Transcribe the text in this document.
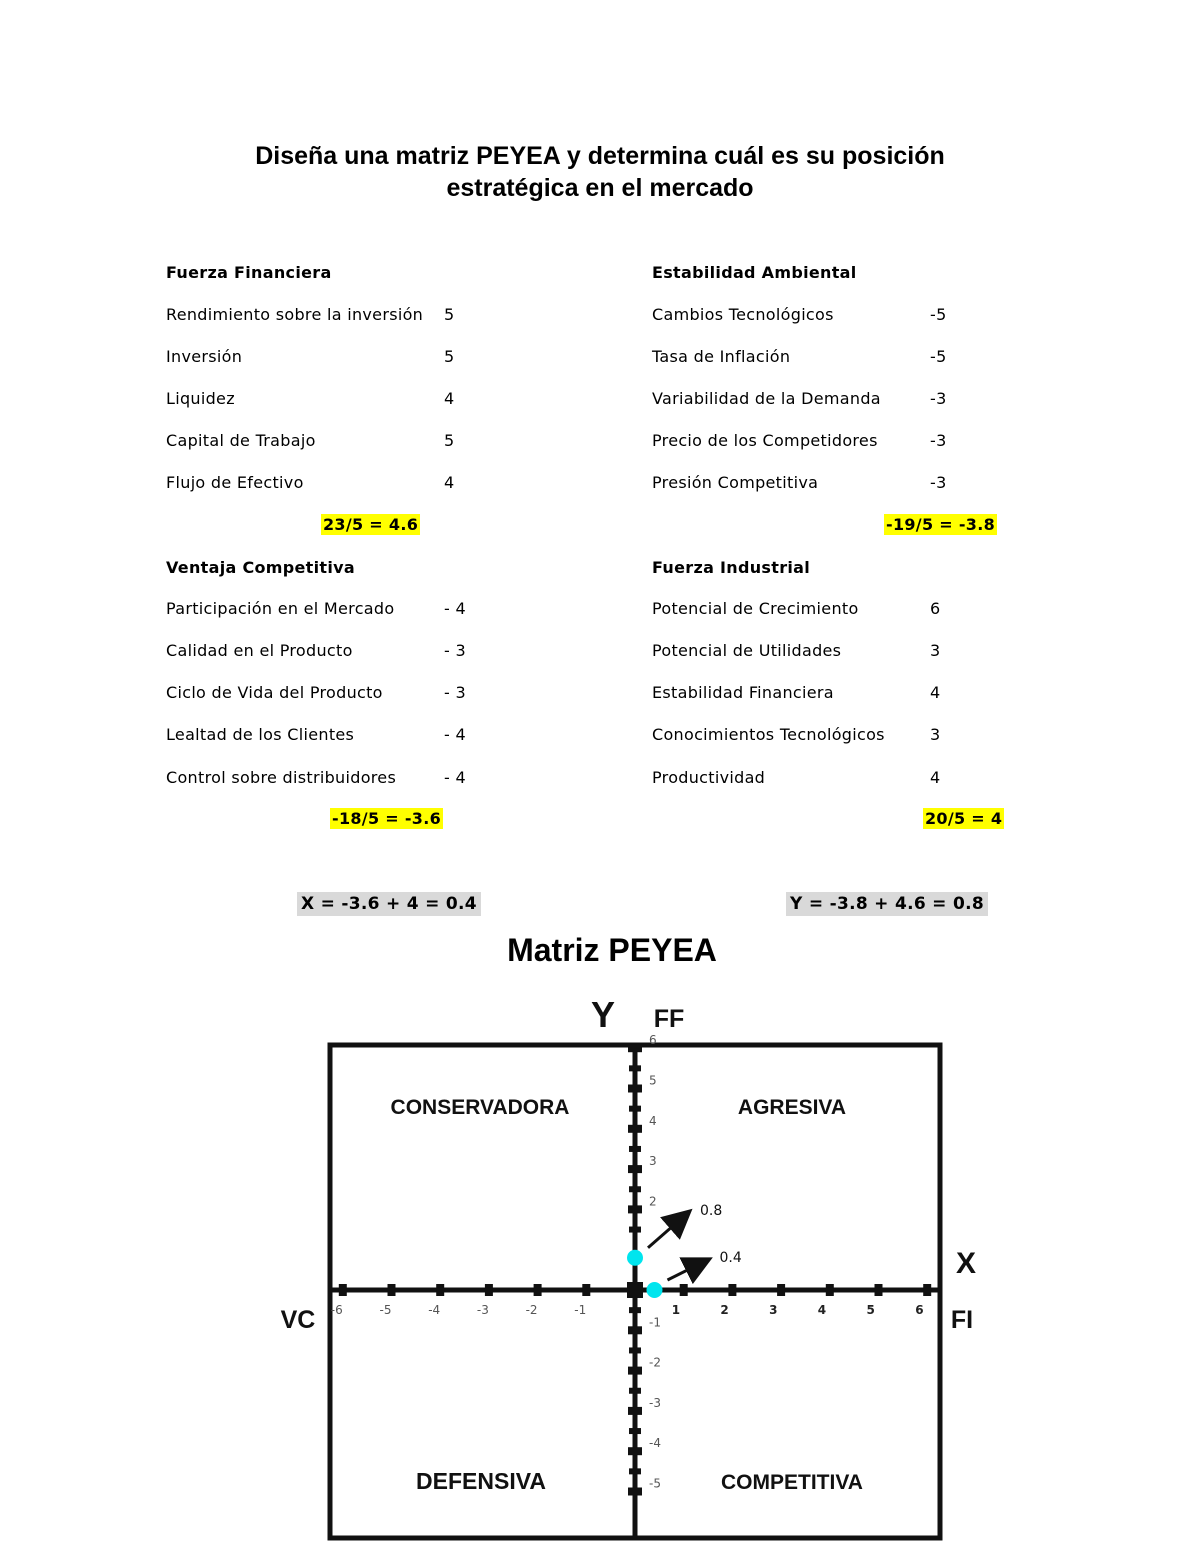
Diseña una matriz PEYEA y determina cuál es su posición
estratégica en el mercado
Fuerza Financiera
Rendimiento sobre la inversión 5
Inversión	5
Liquidez	4
Capital de Trabajo	5
Flujo de Efectivo	4
23/5 = 4.6
Estabilidad Ambiental
Cambios Tecnológicos	-5
Tasa de Inflación	-5
Variabilidad de la Demanda	-3
Precio de los Competidores	-3
Presión Competitiva	-3
-19/5 = -3.8
Ventaja Competitiva
Participación en el Mercado	- 4
Calidad en el Producto	- 3
Ciclo de Vida del Producto	- 3
Lealtad de los Clientes	- 4
Control sobre distribuidores	- 4
-18/5 = -3.6
Fuerza Industrial
Potencial de Crecimiento	6
Potencial de Utilidades	3
Estabilidad Financiera	4
Conocimientos Tecnológicos	3
Productividad	4
20/5 = 4
X = -3.6 + 4 = 0.4	Y = -3.8 + 4.6 = 0.8
Matriz PEYEA
-6	-5	-4	-3	-2	-1	1	2	3	4	5	6
6
5
4
3
2
-1
-2
-3
-4
-5
CONSERVADORA	AGRESIVA
DEFENSIVA	COMPETITIVA
Y FF
X
VC	FI
0.8
0.4
